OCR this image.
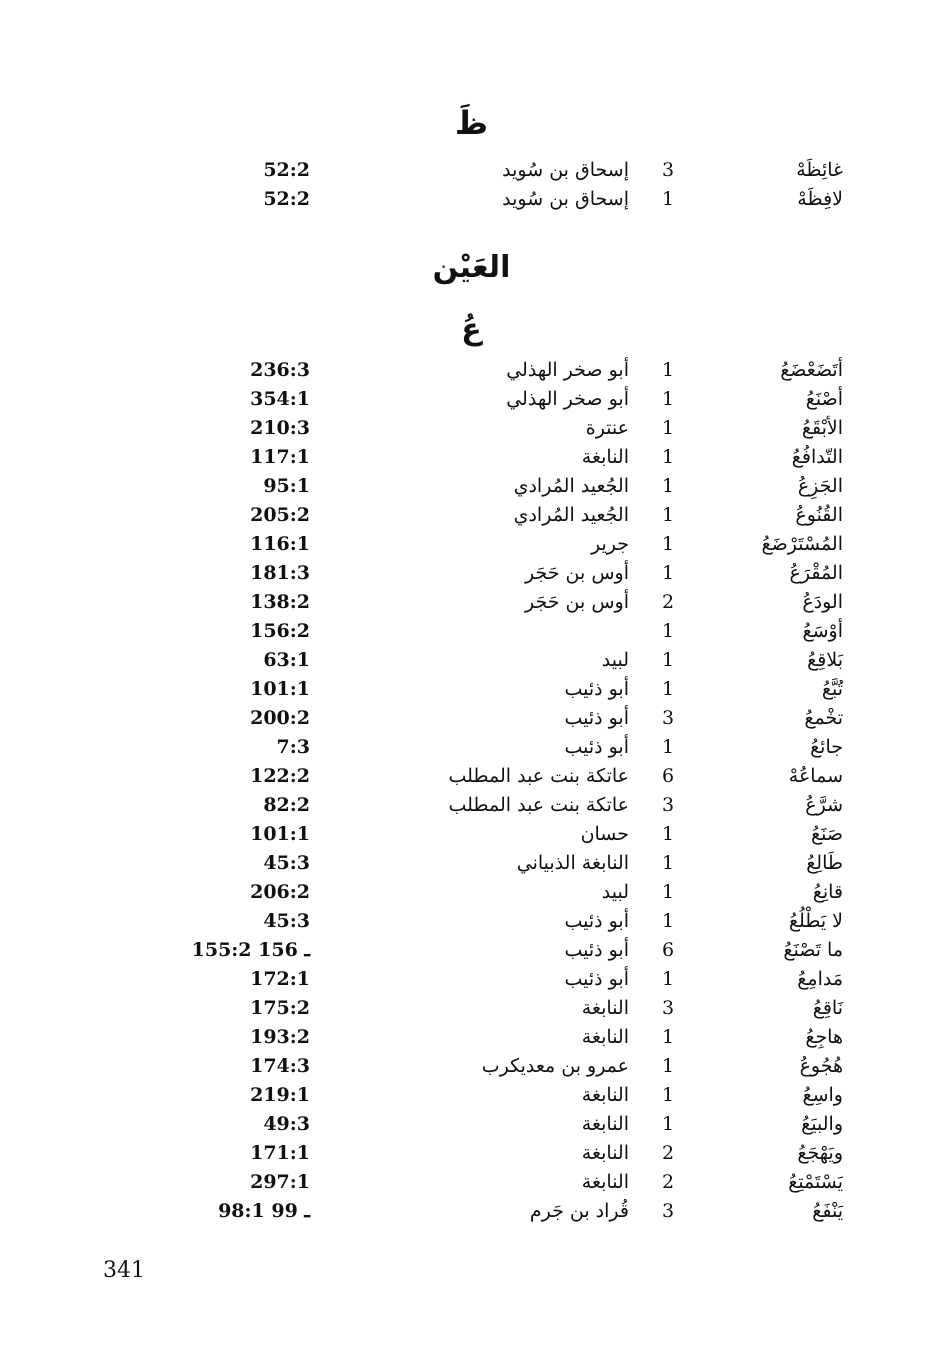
ظَ
غائِظَهْ
3
إسحاق بن سُويد
52:2
لافِظَهْ
1
إسحاق بن سُويد
52:2
العَيْن
عُ
أتَضَعْضَعُ
1
أبو صخر الهذلي
236:3
أصْنَعُ
1
أبو صخر الهذلي
354:1
الأبْقَعُ
1
عنترة
210:3
التّدافُعُ
1
النابغة
117:1
الجَزِعُ
1
الجُعيد المُرادي
95:1
القُنُوعُ
1
الجُعيد المُرادي
205:2
المُسْتَرْضَعُ
1
جرير
116:1
المُقْرَعُ
1
أوس بن حَجَر
181:3
الودَعُ
2
أوس بن حَجَر
138:2
أوْسَعُ
1
156:2
بَلاقِعُ
1
لبيد
63:1
تُبَّعُ
1
أبو ذئيب
101:1
تخْمعُ
3
أبو ذئيب
200:2
جائعُ
1
أبو ذئيب
7:3
سماعُهْ
6
عاتكة بنت عبد المطلب
122:2
شرَّعُ
3
عاتكة بنت عبد المطلب
82:2
صَنَعُ
1
حسان
101:1
طَالِعُ
1
النابغة الذبياني
45:3
قانِعُ
1
لبيد
206:2
لا يَطْلُعُ
1
أبو ذئيب
45:3
ما تَصْنَعُ
6
أبو ذئيب
155:2 ـ 156
مَدامِعُ
1
أبو ذئيب
172:1
نَاقِعُ
3
النابغة
175:2
هاجِعُ
1
النابغة
193:2
هُجُوعُ
1
عمرو بن معديكرب
174:3
واسِعُ
1
النابغة
219:1
والبيَعُ
1
النابغة
49:3
ويَهْجَعُ
2
النابغة
171:1
يَسْتَمْتِعُ
2
النابغة
297:1
يَنْفَعُ
3
قُراد بن جَرم
98:1 ـ 99
341
